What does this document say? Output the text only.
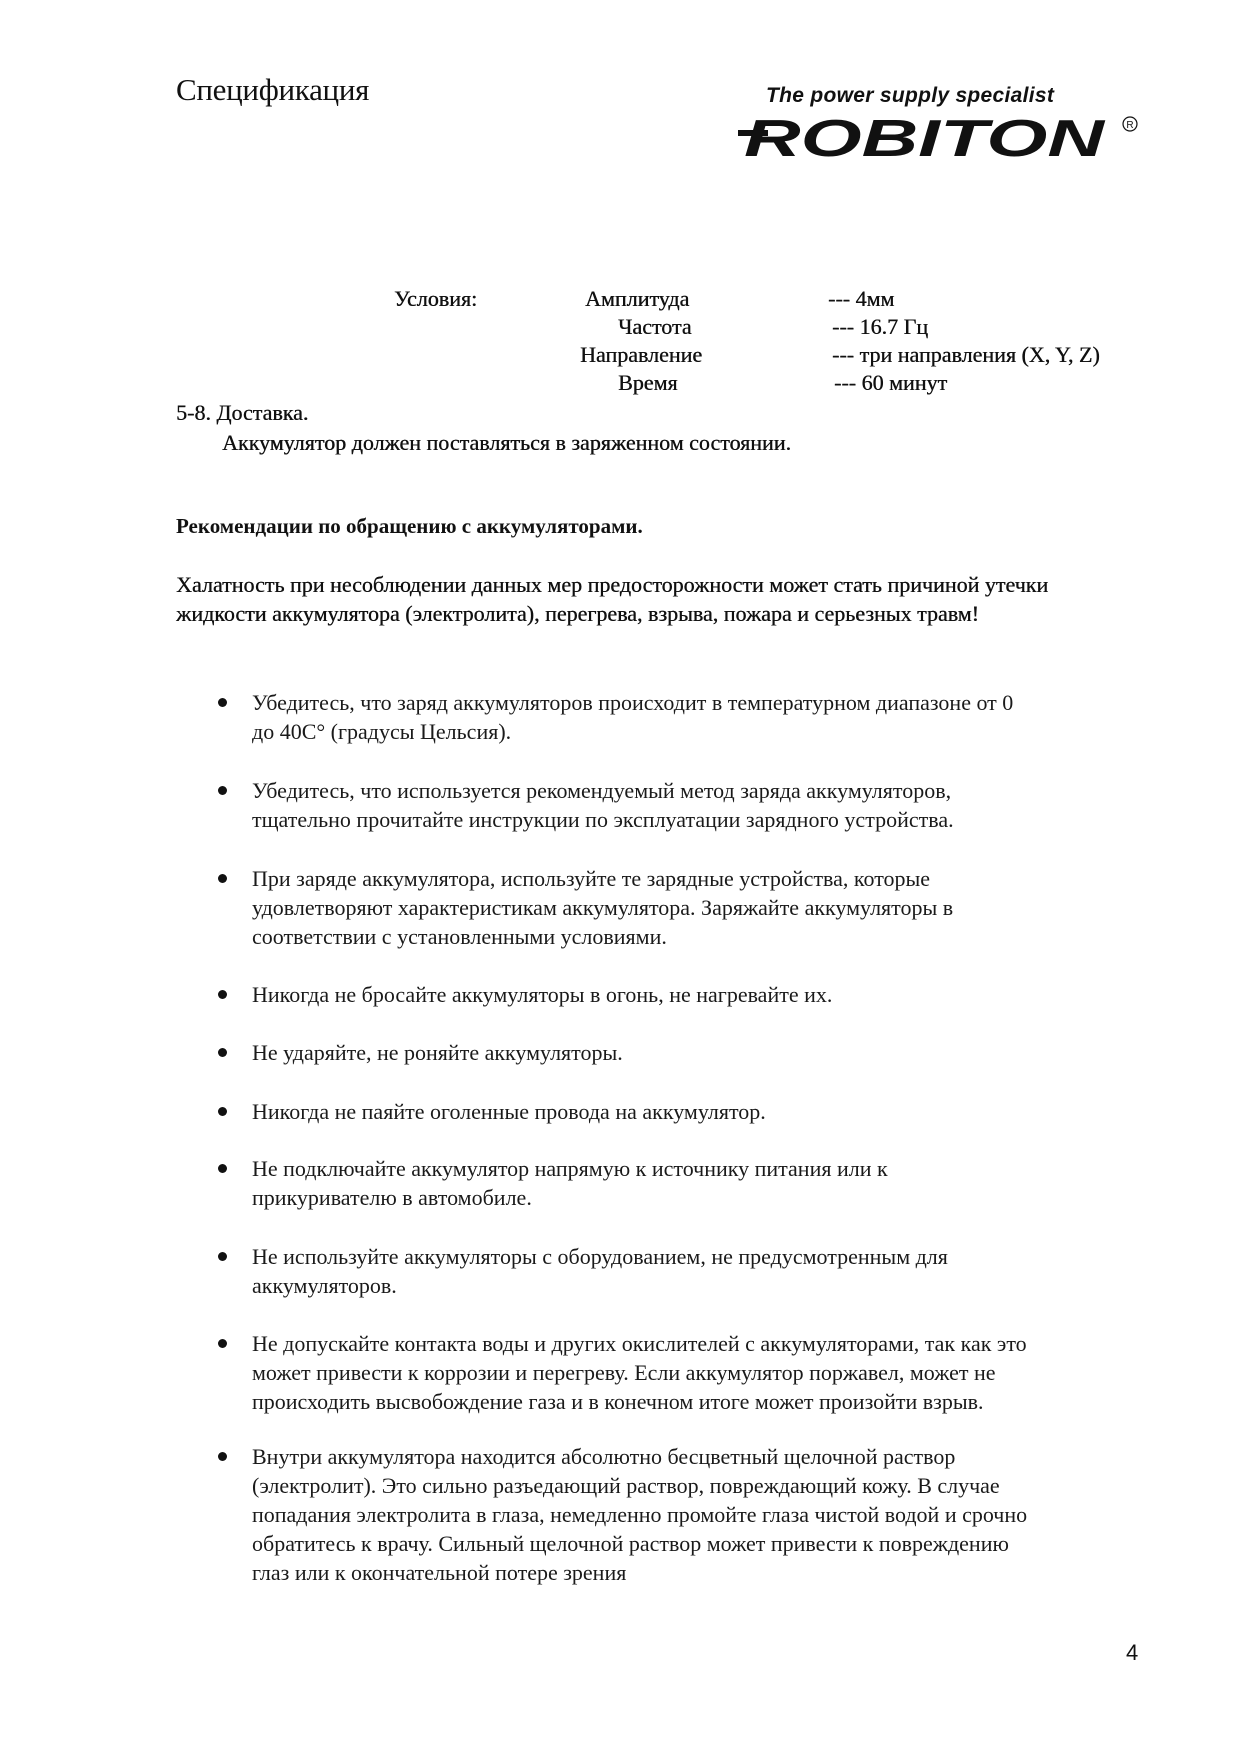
Спецификация	The power supply specialist
ROBITON R
Условия:	Амплитуда	--- 4мм
Частота	--- 16.7 Гц
Направление	--- три направления (X, Y, Z)
Время	--- 60 минут
5-8. Доставка.
Аккумулятор должен поставляться в заряженном состоянии.
Рекомендации по обращению с аккумуляторами.
Халатность при несоблюдении данных мер предосторожности может стать причиной утечки жидкости аккумулятора (электролита), перегрева, взрыва, пожара и серьезных травм!
Убедитесь, что заряд аккумуляторов происходит в температурном диапазоне от 0
до 40С° (градусы Цельсия).
Убедитесь, что используется рекомендуемый метод заряда аккумуляторов,
тщательно прочитайте инструкции по эксплуатации зарядного устройства.
При заряде аккумулятора, используйте те зарядные устройства, которые
удовлетворяют характеристикам аккумулятора. Заряжайте аккумуляторы в
соответствии с установленными условиями.
Никогда не бросайте аккумуляторы в огонь, не нагревайте их.
Не ударяйте, не роняйте аккумуляторы.
Никогда не паяйте оголенные провода на аккумулятор.
Не подключайте аккумулятор напрямую к источнику питания или к
прикуривателю в автомобиле.
Не используйте аккумуляторы с оборудованием, не предусмотренным для
аккумуляторов.
Не допускайте контакта воды и других окислителей с аккумуляторами, так как это
может привести к коррозии и перегреву. Если аккумулятор поржавел, может не
происходить высвобождение газа и в конечном итоге может произойти взрыв.
Внутри аккумулятора находится абсолютно бесцветный щелочной раствор
(электролит). Это сильно разъедающий раствор, повреждающий кожу. В случае
попадания электролита в глаза, немедленно промойте глаза чистой водой и срочно
обратитесь к врачу. Сильный щелочной раствор может привести к повреждению
глаз или к окончательной потере зрения
4
